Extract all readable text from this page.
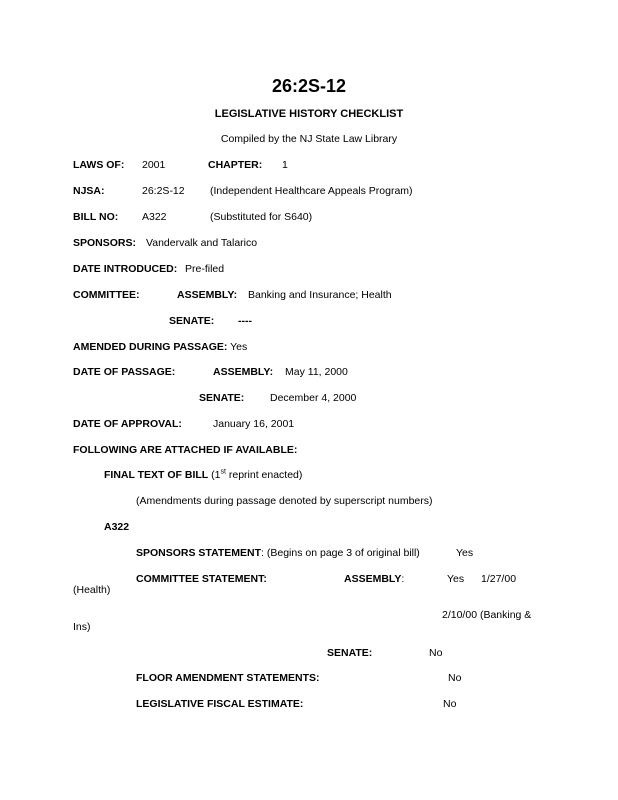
26:2S-12
LEGISLATIVE HISTORY CHECKLIST
Compiled by the NJ State Law Library
LAWS OF: 2001	CHAPTER: 1
NJSA:	26:2S-12 (Independent Healthcare Appeals Program)
BILL NO: A322	(Substituted for S640)
SPONSORS: Vandervalk and Talarico
DATE INTRODUCED: Pre-filed
COMMITTEE:	ASSEMBLY: Banking and Insurance; Health
SENATE: ----
AMENDED DURING PASSAGE: Yes
DATE OF PASSAGE:	ASSEMBLY: May 11, 2000
SENATE: December 4, 2000
DATE OF APPROVAL:	January 16, 2001
FOLLOWING ARE ATTACHED IF AVAILABLE:
FINAL TEXT OF BILL (1st reprint enacted)
(Amendments during passage denoted by superscript numbers)
A322
SPONSORS STATEMENT: (Begins on page 3 of original bill)	Yes
COMMITTEE STATEMENT:	ASSEMBLY:	Yes 1/27/00
(Health)
2/10/00 (Banking &
Ins)
SENATE:	No
FLOOR AMENDMENT STATEMENTS:	No
LEGISLATIVE FISCAL ESTIMATE:	No
